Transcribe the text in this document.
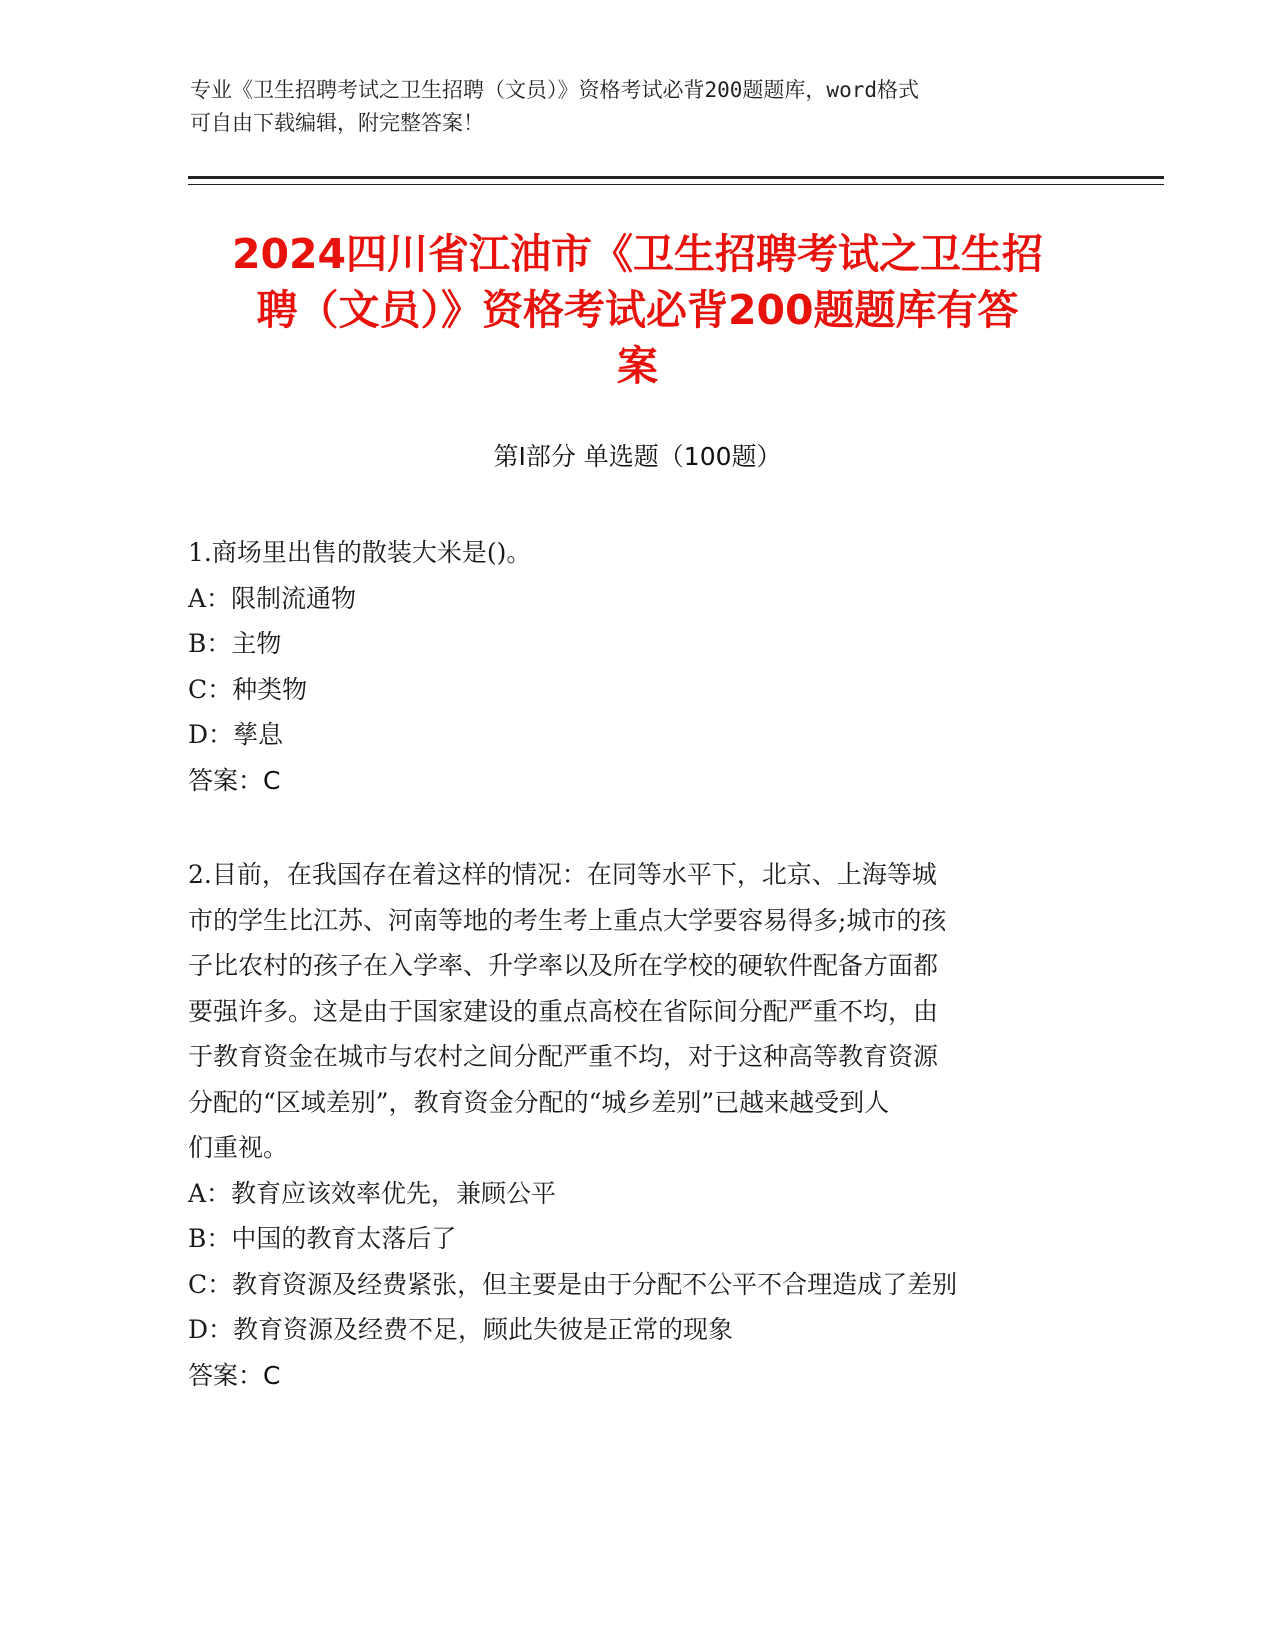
专业《卫生招聘考试之卫生招聘（文员）》资格考试必背200题题库，word格式
可自由下载编辑，附完整答案！
2024四川省江油市《卫生招聘考试之卫生招
聘（文员）》资格考试必背200题题库有答
案
第Ⅰ部分 单选题（100题）
1.商场里出售的散装大米是()。
A：限制流通物
B：主物
C：种类物
D：孳息
答案：C
2.目前，在我国存在着这样的情况：在同等水平下，北京、上海等城
市的学生比江苏、河南等地的考生考上重点大学要容易得多;城市的孩
子比农村的孩子在入学率、升学率以及所在学校的硬软件配备方面都
要强许多。这是由于国家建设的重点高校在省际间分配严重不均，由
于教育资金在城市与农村之间分配严重不均，对于这种高等教育资源
分配的“区域差别”，教育资金分配的“城乡差别”已越来越受到人
们重视。
A：教育应该效率优先，兼顾公平
B：中国的教育太落后了
C：教育资源及经费紧张，但主要是由于分配不公平不合理造成了差别
D：教育资源及经费不足，顾此失彼是正常的现象
答案：C
